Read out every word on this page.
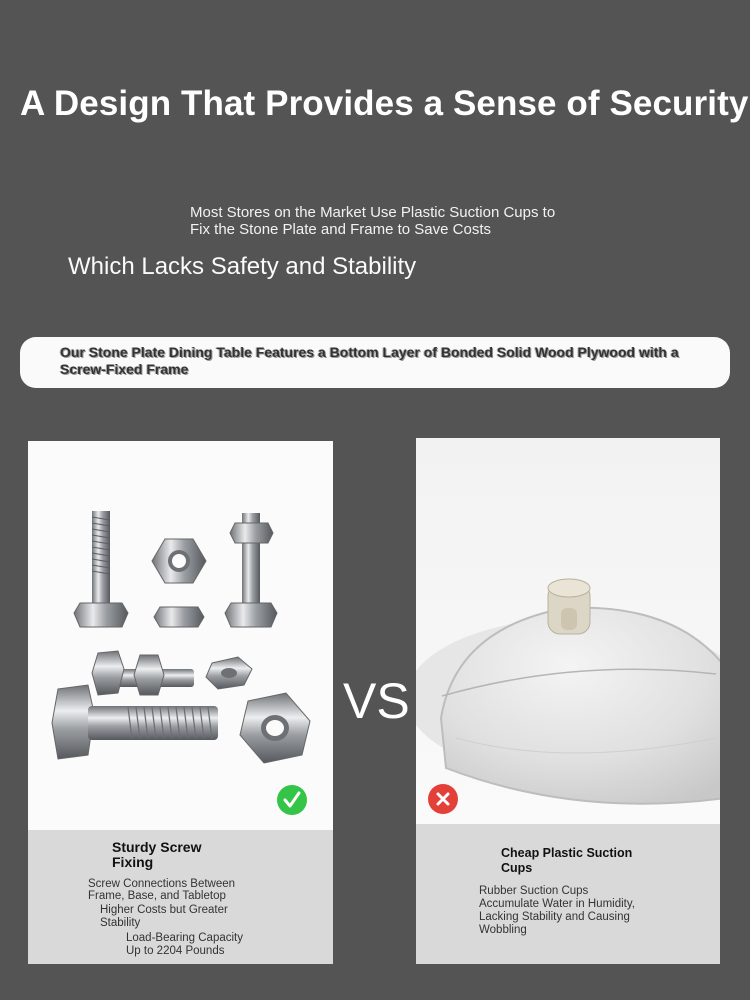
A Design That Provides a Sense of Security
Most Stores on the Market Use Plastic Suction Cups to
Fix the Stone Plate and Frame to Save Costs
Which Lacks Safety and Stability
Our Stone Plate Dining Table Features a Bottom Layer of Bonded Solid Wood Plywood with a
Screw-Fixed Frame
Sturdy Screw
Fixing
Screw Connections Between
Frame, Base, and Tabletop
Higher Costs but Greater
Stability
Load-Bearing Capacity
Up to 2204 Pounds
VS
Cheap Plastic Suction
Cups
Rubber Suction Cups
Accumulate Water in Humidity,
Lacking Stability and Causing
Wobbling
